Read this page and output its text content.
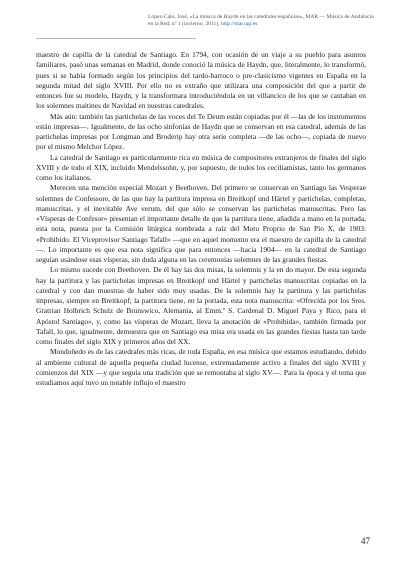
López-Calo, José, «La música de Haydn en las catedrales españolas», MAR — Música de Andalucía
en la Red, nº 1 (invierno, 2011), http://mar.ugr.es

maestro de capilla de la catedral de Santiago. En 1794, con ocasión de un viaje a su pueblo para asuntos familiares, pasó unas semanas en Madrid, donde conoció la música de Haydn, que, literalmente, lo transformó, pues si se había formado según los principios del tardo-barroco o pre-clasicismo vigentes en España en la segunda mitad del siglo XVIII. Por ello no es extraño que utilizara una composición del que a partir de entonces fue su modelo, Haydn, y la transformara introduciéndola en un villancico de los que se cantaban en los solemnes maitines de Navidad en nuestras catedrales.

Más aún: también las partichelas de las voces del Te Deum están copiadas por él —las de los instrumentos están impresas—. Igualmente, de las ocho sinfonías de Haydn que se conservan en esa catedral, además de las partichelas impresas por Longman and Broderip hay otra serie completa —de las ocho—, copiada de nuevo por el mismo Melchor López.

La catedral de Santiago es particularmente rica en música de compositores extranjeros de finales del siglo XVIII y de todo el XIX, incluido Mendelssohn, y, por supuesto, de todos los ceciliamistas, tanto los germanos como los italianos.

Merecen una mención especial Mozart y Beethoven. Del primero se conservan en Santiago las Vesperae solemnes de Confessore, de las que hay la partitura impresa en Breitkopf und Härtel y partichelas, completas, manuscritas, y el inevitable Ave verum, del que sólo se conservan las partichelas manuscritas. Pero las «Vísperas de Confesor» presentan el importante detalle de que la partitura tiene, añadida a mano en la portada, esta nota, puesta por la Comisión litúrgica nombrada a raíz del Motu Proprio de San Pío X, de 1903: «Prohibido. El Viceprovisor Santiago Tafall» —que en aquel momento era el maestro de capilla de la catedral—. Lo importante es que esa nota significa que para entonces —hacia 1904— en la catedral de Santiago seguían usándose esas vísperas, sin duda alguna en las ceremonias solemnes de las grandes fiestas.

Lo mismo sucede con Beethoven. De él hay las dos misas, la solemnis y la en do mayor. De esta segunda hay la partitura y las partichelas impresas en Breitkopf und Härtel y partichelas manuscritas copiadas en la catedral y con dan muestras de haber sido muy usadas. De la solemnis hay la partitura y las partichelas impresas, siempre en Breitkopf; la partitura tiene, en la portada, esta nota manuscrita: «Ofrecida por los Sres. Gratrian Holbrich Schulz de Brunswico, Alemania, al Emm.º S. Cardenal D. Miguel Paya y Rico, para el Apóstol Santiago», y, como las vísperas de Mozart, lleva la anotación de «Prohibida», también firmada por Tafall, lo que, igualmente, demuestra que en Santiago esa misa era usada en las grandes fiestas hasta tan tarde como finales del siglo XIX y primeros años del XX.

Mondoñedo es de las catedrales más ricas, de toda España, en esa música que estamos estudiando, debido al ambiente cultural de aquella pequeña ciudad lucense, extremadamente activo a finales del siglo XVIII y comienzos del XIX —y que seguía una tradición que se remontaba al siglo XV—. Para la época y el tema que estudiamos aquí tuvo un notable influjo el maestro

47
